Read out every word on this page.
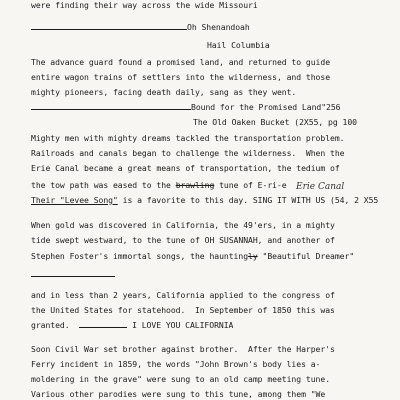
were finding their way across the wide Missouri
Oh Shenandoah
Hail Columbia
The advance guard found a promised land, and returned to guide
entire wagon trains of settlers into the wilderness, and those
mighty pioneers, facing death daily, sang as they went.
Bound for the Promised Land"256
The Old Oaken Bucket (2X55, pg 100
Mighty men with mighty dreams tackled the transportation problem.
Railroads and canals began to challenge the wilderness.  When the
Erie Canal became a great means of transportation, the tedium of
the tow path was eased to the brawling tune of E-ri-e Erie Canal
Their "Levee Song" is a favorite to this day. SING IT WITH US (54, 2 X55
When gold was discovered in California, the 49'ers, in a mighty
tide swept westward, to the tune of OH SUSANNAH, and another of
Stephen Foster's immortal songs, the hauntingly "Beautiful Dreamer"
and in less than 2 years, California applied to the congress of
the United States for statehood.  In September of 1850 this was
granted.	I LOVE YOU CALIFORNIA
Soon Civil War set brother against brother.  After the Harper's
Ferry incident in 1859, the words "John Brown's body lies a-
moldering in the grave" were sung to an old camp meeting tune.
Various other parodies were sung to this tune, among them "We
